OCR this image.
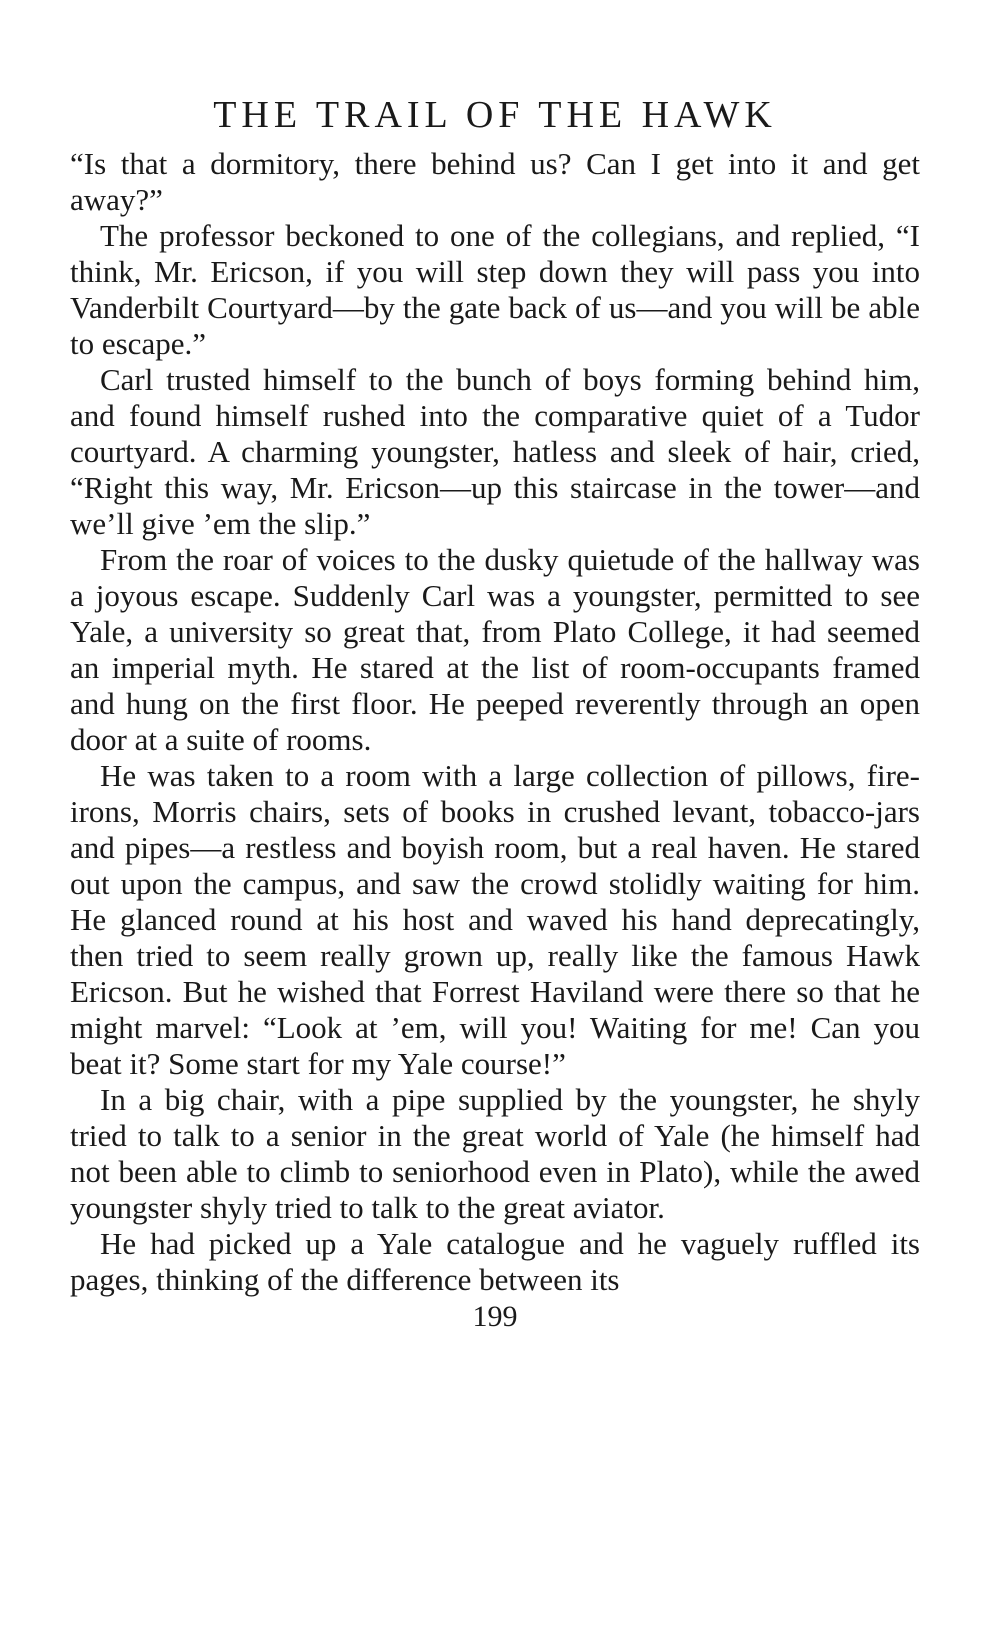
THE TRAIL OF THE HAWK

“Is that a dormitory, there behind us? Can I get into it and get away?”

The professor beckoned to one of the collegians, and replied, “I think, Mr. Ericson, if you will step down they will pass you into Vanderbilt Courtyard—by the gate back of us—and you will be able to escape.”

Carl trusted himself to the bunch of boys forming behind him, and found himself rushed into the comparative quiet of a Tudor courtyard. A charming youngster, hatless and sleek of hair, cried, “Right this way, Mr. Ericson—up this staircase in the tower—and we’ll give ’em the slip.”

From the roar of voices to the dusky quietude of the hallway was a joyous escape. Suddenly Carl was a youngster, permitted to see Yale, a university so great that, from Plato College, it had seemed an imperial myth. He stared at the list of room-occupants framed and hung on the first floor. He peeped reverently through an open door at a suite of rooms.

He was taken to a room with a large collection of pillows, fire-irons, Morris chairs, sets of books in crushed levant, tobacco-jars and pipes—a restless and boyish room, but a real haven. He stared out upon the campus, and saw the crowd stolidly waiting for him. He glanced round at his host and waved his hand deprecatingly, then tried to seem really grown up, really like the famous Hawk Ericson. But he wished that Forrest Haviland were there so that he might marvel: “Look at ’em, will you! Waiting for me! Can you beat it? Some start for my Yale course!”

In a big chair, with a pipe supplied by the youngster, he shyly tried to talk to a senior in the great world of Yale (he himself had not been able to climb to seniorhood even in Plato), while the awed youngster shyly tried to talk to the great aviator.

He had picked up a Yale catalogue and he vaguely ruffled its pages, thinking of the difference between its

199
